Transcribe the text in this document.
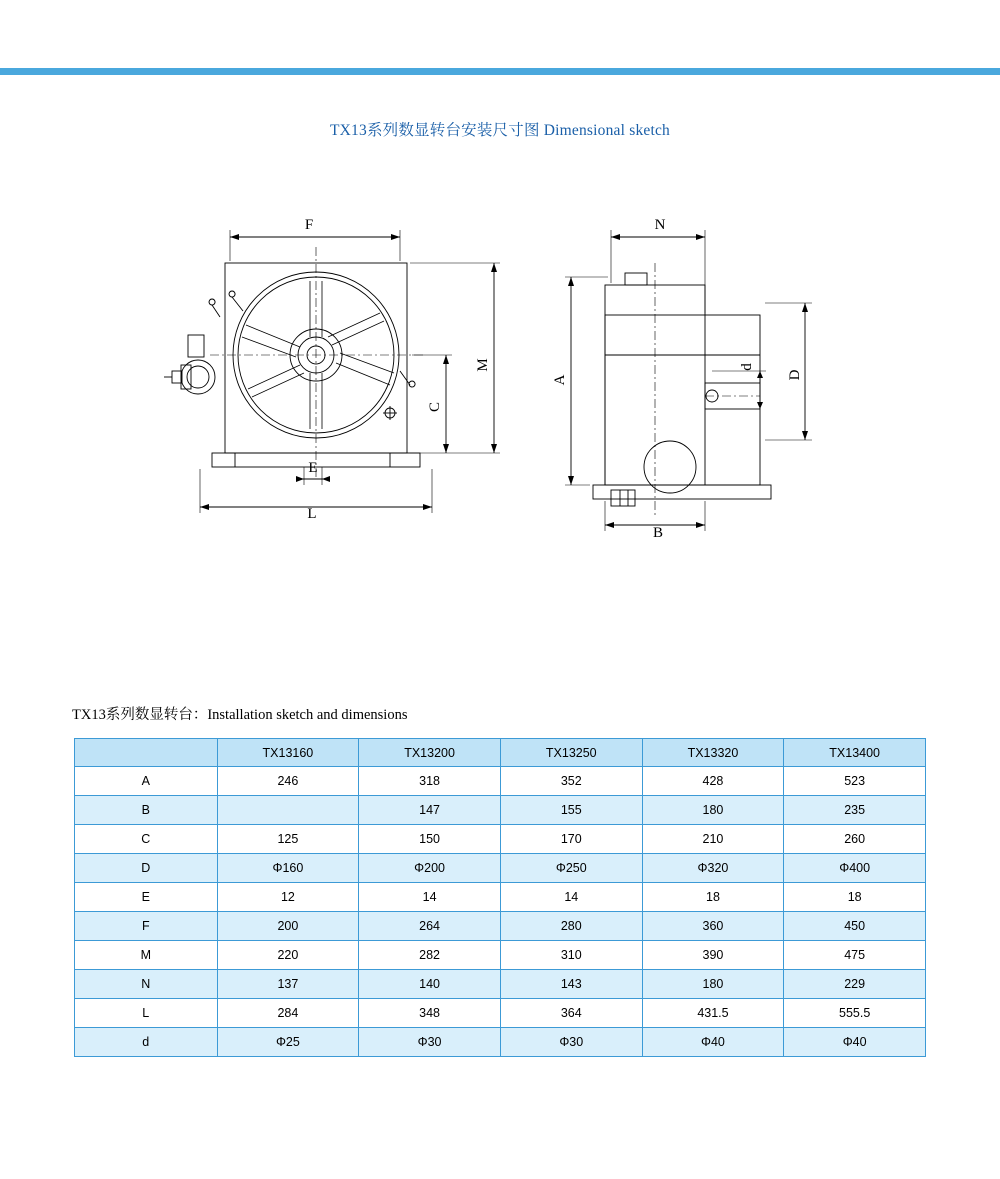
TX13系列数显转台安装尺寸图 Dimensional sketch
F
L
E
M
C
N
B
A	D
d
TX13系列数显转台：Installation sketch and dimensions
	TX13160	TX13200	TX13250	TX13320	TX13400
A	246	318	352	428	523
B		147	155	180	235
C	125	150	170	210	260
D	Φ160	Φ200	Φ250	Φ320	Φ400
E	12	14	14	18	18
F	200	264	280	360	450
M	220	282	310	390	475
N	137	140	143	180	229
L	284	348	364	431.5	555.5
d	Φ25	Φ30	Φ30	Φ40	Φ40
